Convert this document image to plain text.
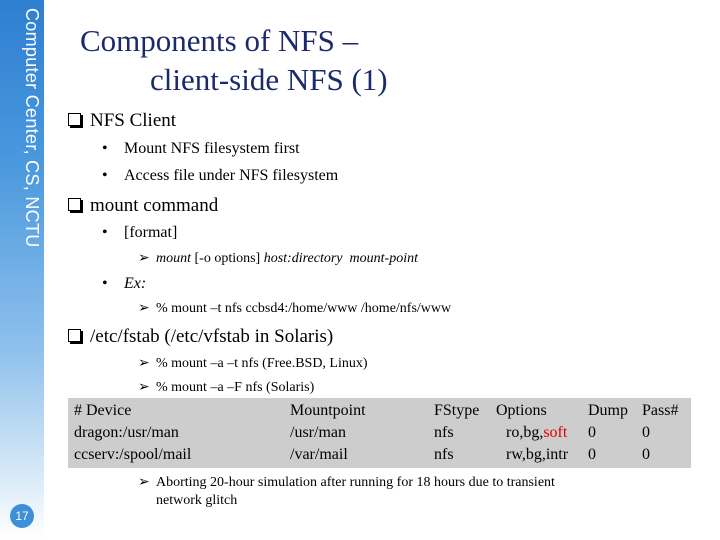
Computer Center, CS, NCTU
17
Components of NFS –
client-side NFS (1)
NFS Client
• Mount NFS filesystem first
• Access file under NFS filesystem
mount command
• [format]
➢ mount [-o options] host:directory mount-point
• Ex:
➢ % mount –t nfs ccbsd4:/home/www /home/nfs/www
/etc/fstab (/etc/vfstab in Solaris)
➢ % mount –a –t nfs (Free.BSD, Linux)
➢ % mount –a –F nfs (Solaris)
# Device	Mountpoint	FStype Options	Dump Pass#
dragon:/usr/man	/usr/man	nfs	ro,bg,soft 0	0
ccserv:/spool/mail	/var/mail	nfs	rw,bg,intr 0	0
➢ Aborting 20-hour simulation after running for 18 hours due to transient
network glitch
